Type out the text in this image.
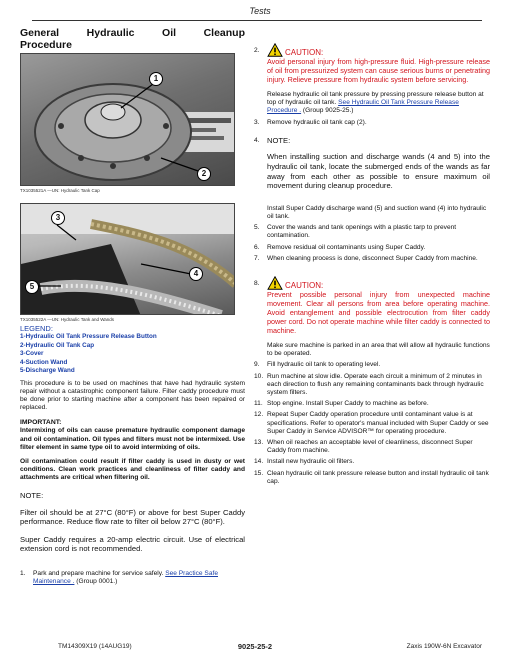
Tests
General Hydraulic Oil Cleanup
Procedure
1
2
TX1035521A —UN: Hydraulic Tank Cap
3
4
5
TX1035522A —UN: Hydraulic Tank and Wands
LEGEND:
1-Hydraulic Oil Tank Pressure Release Button
2-Hydraulic Oil Tank Cap
3-Cover
4-Suction Wand
5-Discharge Wand
This procedure is to be used on machines that have had hydraulic system repair without a catastrophic component failure. Filter caddy procedure must be done prior to starting machine after a component has been repaired or replaced.
IMPORTANT:
Intermixing of oils can cause premature hydraulic component damage and oil contamination. Oil types and filters must not be intermixed. Use filter element in same type oil to avoid intermixing of oils.
Oil contamination could result if filter caddy is used in dusty or wet conditions. Clean work practices and cleanliness of filter caddy and attachments are critical when filtering oil.
NOTE:
Filter oil should be at 27°C (80°F) or above for best Super Caddy performance. Reduce flow rate to filter oil below 27°C (80°F).
Super Caddy requires a 20-amp electric circuit. Use of electrical extension cord is not recommended.
1. Park and prepare machine for service safely. See Practice Safe Maintenance . (Group 0001.)
2.	CAUTION:
Avoid personal injury from high-pressure fluid. High-pressure release of oil from pressurized system can cause serious burns or penetrating injury. Relieve pressure from hydraulic system before servicing.
Release hydraulic oil tank pressure by pressing pressure release button at top of hydraulic oil tank. See Hydraulic Oil Tank Pressure Release Procedure . (Group 9025-25.)
3. Remove hydraulic oil tank cap (2).
4. NOTE:
When installing suction and discharge wands (4 and 5) into the hydraulic oil tank, locate the submerged ends of the wands as far away from each other as possible to ensure maximum oil movement during cleanup procedure.
Install Super Caddy discharge wand (5) and suction wand (4) into hydraulic oil tank.
5. Cover the wands and tank openings with a plastic tarp to prevent contamination.
6. Remove residual oil contaminants using Super Caddy.
7. When cleaning process is done, disconnect Super Caddy from machine.
8.	CAUTION:
Prevent possible personal injury from unexpected machine movement. Clear all persons from area before operating machine. Avoid entanglement and possible electrocution from filter caddy power cord. Do not operate machine while filter caddy is connected to machine.
Make sure machine is parked in an area that will allow all hydraulic functions to be operated.
9. Fill hydraulic oil tank to operating level.
10. Run machine at slow idle. Operate each circuit a minimum of 2 minutes in each direction to flush any remaining contaminants back through hydraulic system filters.
11. Stop engine. Install Super Caddy to machine as before.
12. Repeat Super Caddy operation procedure until contaminant value is at specifications. Refer to operator's manual included with Super Caddy or see Super Caddy in Service ADVISOR™ for operating procedure.
13. When oil reaches an acceptable level of cleanliness, disconnect Super Caddy from machine.
14. Install new hydraulic oil filters.
15. Clean hydraulic oil tank pressure release button and install hydraulic oil tank cap.
TM14309X19 (14AUG19)	9025-25-2	Zaxis 190W-6N Excavator
